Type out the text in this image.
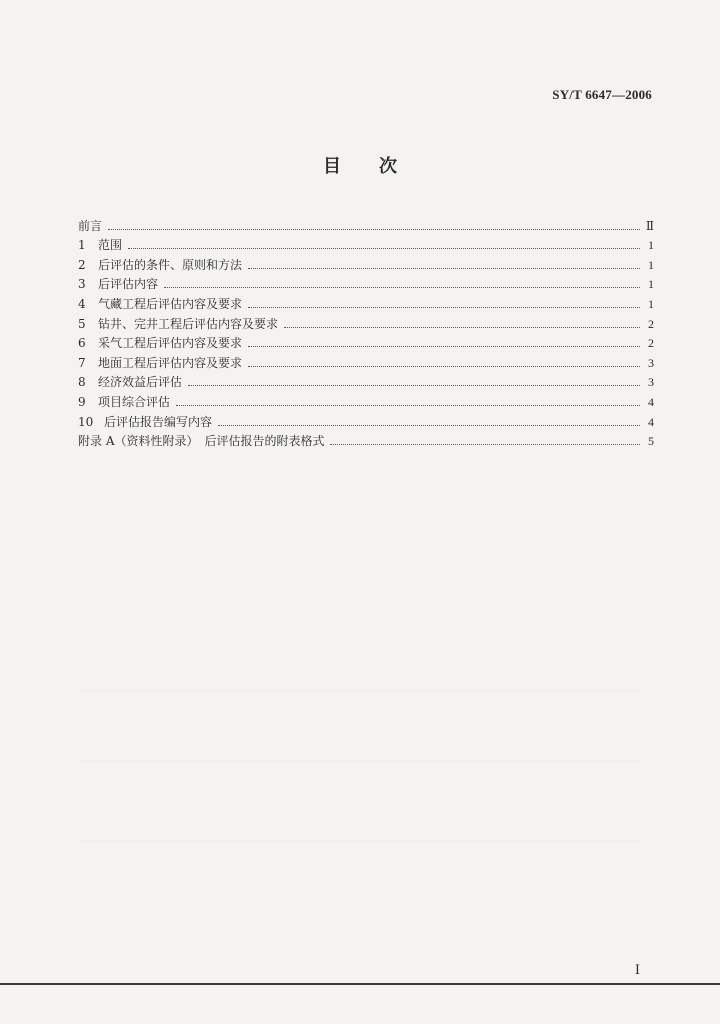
SY/T 6647—2006
目 次
前言	Ⅱ
1	范围	1
2	后评估的条件、原则和方法	1
3	后评估内容	1
4	气藏工程后评估内容及要求	1
5	钻井、完井工程后评估内容及要求	2
6	采气工程后评估内容及要求	2
7	地面工程后评估内容及要求	3
8	经济效益后评估	3
9	项目综合评估	4
10 后评估报告编写内容	4
附录 A（资料性附录）　后评估报告的附表格式	5
Ⅰ
